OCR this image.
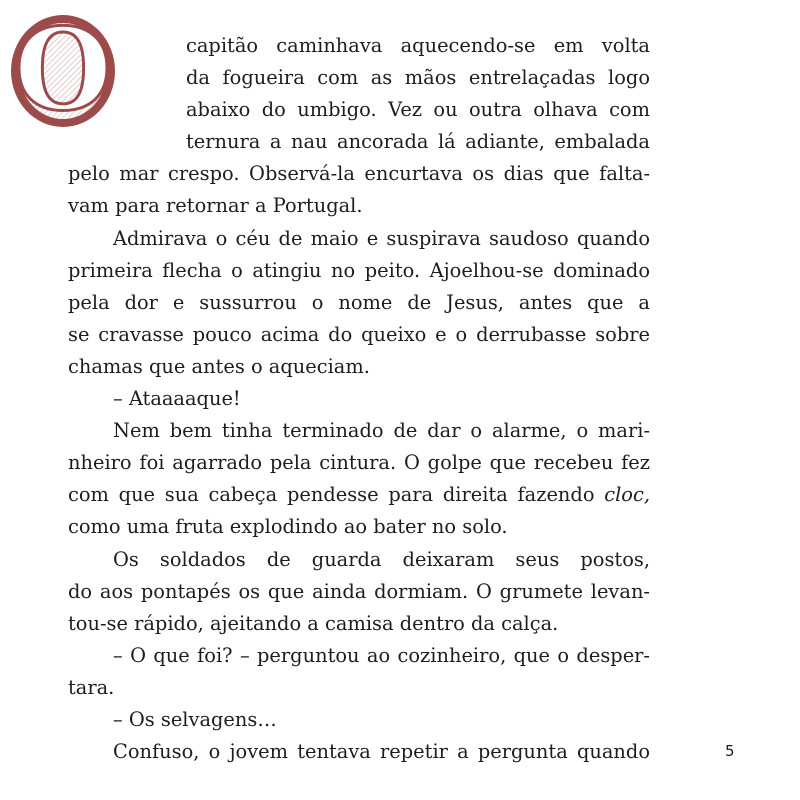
O	capitão caminhava aquecendo-se em volta
da fogueira com as mãos entrelaçadas logo
abaixo do umbigo. Vez ou outra olhava com
ternura a nau ancorada lá adiante, embalada
pelo mar crespo. Observá-la encurtava os dias que falta-
vam para retornar a Portugal.
Admirava o céu de maio e suspirava saudoso quando
primeira flecha o atingiu no peito. Ajoelhou-se dominado
pela dor e sussurrou o nome de Jesus, antes que a
se cravasse pouco acima do queixo e o derrubasse sobre
chamas que antes o aqueciam.
– Ataaaaque!
Nem bem tinha terminado de dar o alarme, o mari-
nheiro foi agarrado pela cintura. O golpe que recebeu fez
com que sua cabeça pendesse para direita fazendo cloc,
como uma fruta explodindo ao bater no solo.
Os soldados de guarda deixaram seus postos,
do aos pontapés os que ainda dormiam. O grumete levan-
tou-se rápido, ajeitando a camisa dentro da calça.
– O que foi? – perguntou ao cozinheiro, que o desper-
tara.
– Os selvagens…
Confuso, o jovem tentava repetir a pergunta quando	5
